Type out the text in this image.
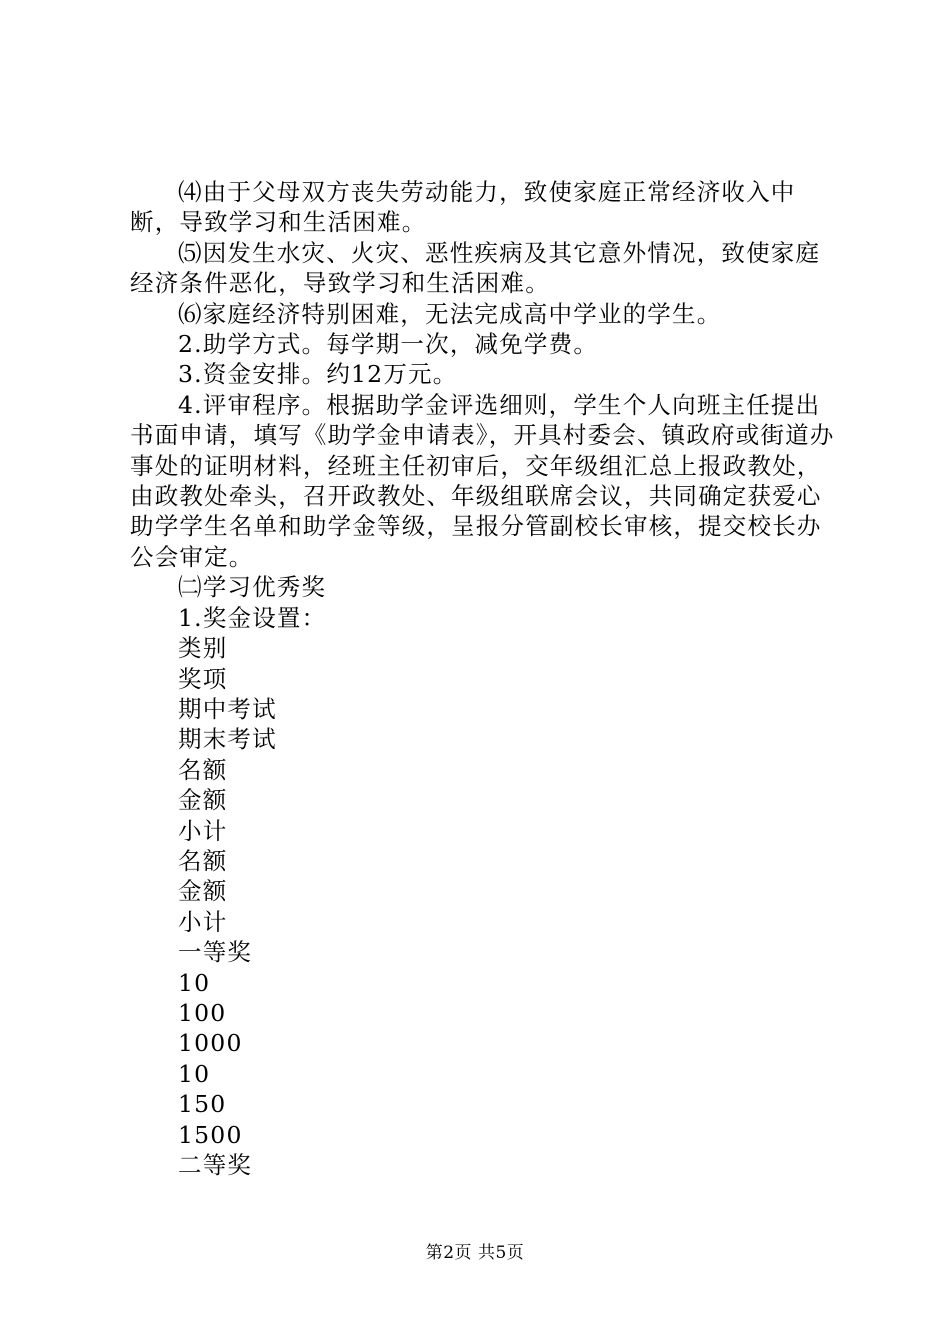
⑷由于父母双方丧失劳动能力，致使家庭正常经济收入中断，导致学习和生活困难。

⑸因发生水灾、火灾、恶性疾病及其它意外情况，致使家庭经济条件恶化，导致学习和生活困难。

⑹家庭经济特别困难，无法完成高中学业的学生。

2.助学方式。每学期一次，减免学费。

3.资金安排。约12万元。

4.评审程序。根据助学金评选细则，学生个人向班主任提出书面申请，填写《助学金申请表》，开具村委会、镇政府或街道办事处的证明材料，经班主任初审后，交年级组汇总上报政教处，由政教处牵头，召开政教处、年级组联席会议，共同确定获爱心助学学生名单和助学金等级，呈报分管副校长审核，提交校长办公会审定。

㈡学习优秀奖

1.奖金设置：

类别

奖项

期中考试

期末考试

名额

金额

小计

名额

金额

小计

一等奖

10

100

1000

10

150

1500

二等奖

第2页 共5页
